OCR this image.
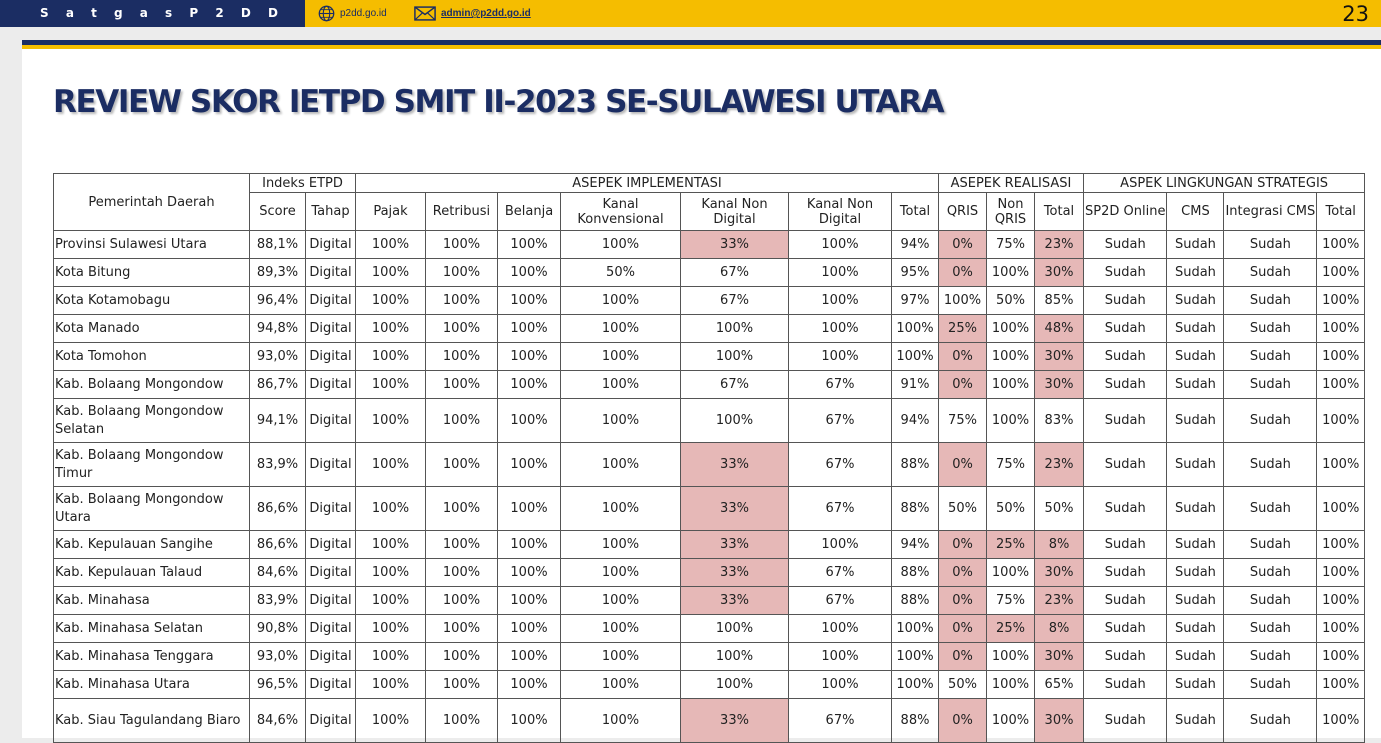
S a t g a s P 2 D D	p2dd.go.id	admin@p2dd.go.id	23
REVIEW SKOR IETPD SMIT II-2023 SE-SULAWESI UTARA
Pemerintah Daerah	Indeks ETPD		ASEPEK IMPLEMENTASI							ASEPEK REALISASI			ASPEK LINGKUNGAN STRATEGIS			
	Score	Tahap	Pajak	Retribusi	Belanja	Kanal Konvensional	Kanal Non Digital	Kanal Non Digital	Total	QRIS	Non QRIS	Total	SP2D Online	CMS	Integrasi CMS	Total
Provinsi Sulawesi Utara	88,1%	Digital	100%	100%	100%	100%	33%	100%	94%	0%	75%	23%	Sudah	Sudah	Sudah	100%
Kota Bitung	89,3%	Digital	100%	100%	100%	50%	67%	100%	95%	0%	100%	30%	Sudah	Sudah	Sudah	100%
Kota Kotamobagu	96,4%	Digital	100%	100%	100%	100%	67%	100%	97%	100%	50%	85%	Sudah	Sudah	Sudah	100%
Kota Manado	94,8%	Digital	100%	100%	100%	100%	100%	100%	100%	25%	100%	48%	Sudah	Sudah	Sudah	100%
Kota Tomohon	93,0%	Digital	100%	100%	100%	100%	100%	100%	100%	0%	100%	30%	Sudah	Sudah	Sudah	100%
Kab. Bolaang Mongondow	86,7%	Digital	100%	100%	100%	100%	67%	67%	91%	0%	100%	30%	Sudah	Sudah	Sudah	100%
Kab. Bolaang Mongondow Selatan	94,1%	Digital	100%	100%	100%	100%	100%	67%	94%	75%	100%	83%	Sudah	Sudah	Sudah	100%
Kab. Bolaang Mongondow Timur	83,9%	Digital	100%	100%	100%	100%	33%	67%	88%	0%	75%	23%	Sudah	Sudah	Sudah	100%
Kab. Bolaang Mongondow Utara	86,6%	Digital	100%	100%	100%	100%	33%	67%	88%	50%	50%	50%	Sudah	Sudah	Sudah	100%
Kab. Kepulauan Sangihe	86,6%	Digital	100%	100%	100%	100%	33%	100%	94%	0%	25%	8%	Sudah	Sudah	Sudah	100%
Kab. Kepulauan Talaud	84,6%	Digital	100%	100%	100%	100%	33%	67%	88%	0%	100%	30%	Sudah	Sudah	Sudah	100%
Kab. Minahasa	83,9%	Digital	100%	100%	100%	100%	33%	67%	88%	0%	75%	23%	Sudah	Sudah	Sudah	100%
Kab. Minahasa Selatan	90,8%	Digital	100%	100%	100%	100%	100%	100%	100%	0%	25%	8%	Sudah	Sudah	Sudah	100%
Kab. Minahasa Tenggara	93,0%	Digital	100%	100%	100%	100%	100%	100%	100%	0%	100%	30%	Sudah	Sudah	Sudah	100%
Kab. Minahasa Utara	96,5%	Digital	100%	100%	100%	100%	100%	100%	100%	50%	100%	65%	Sudah	Sudah	Sudah	100%
Kab. Siau Tagulandang Biaro	84,6%	Digital	100%	100%	100%	100%	33%	67%	88%	0%	100%	30%	Sudah	Sudah	Sudah	100%
